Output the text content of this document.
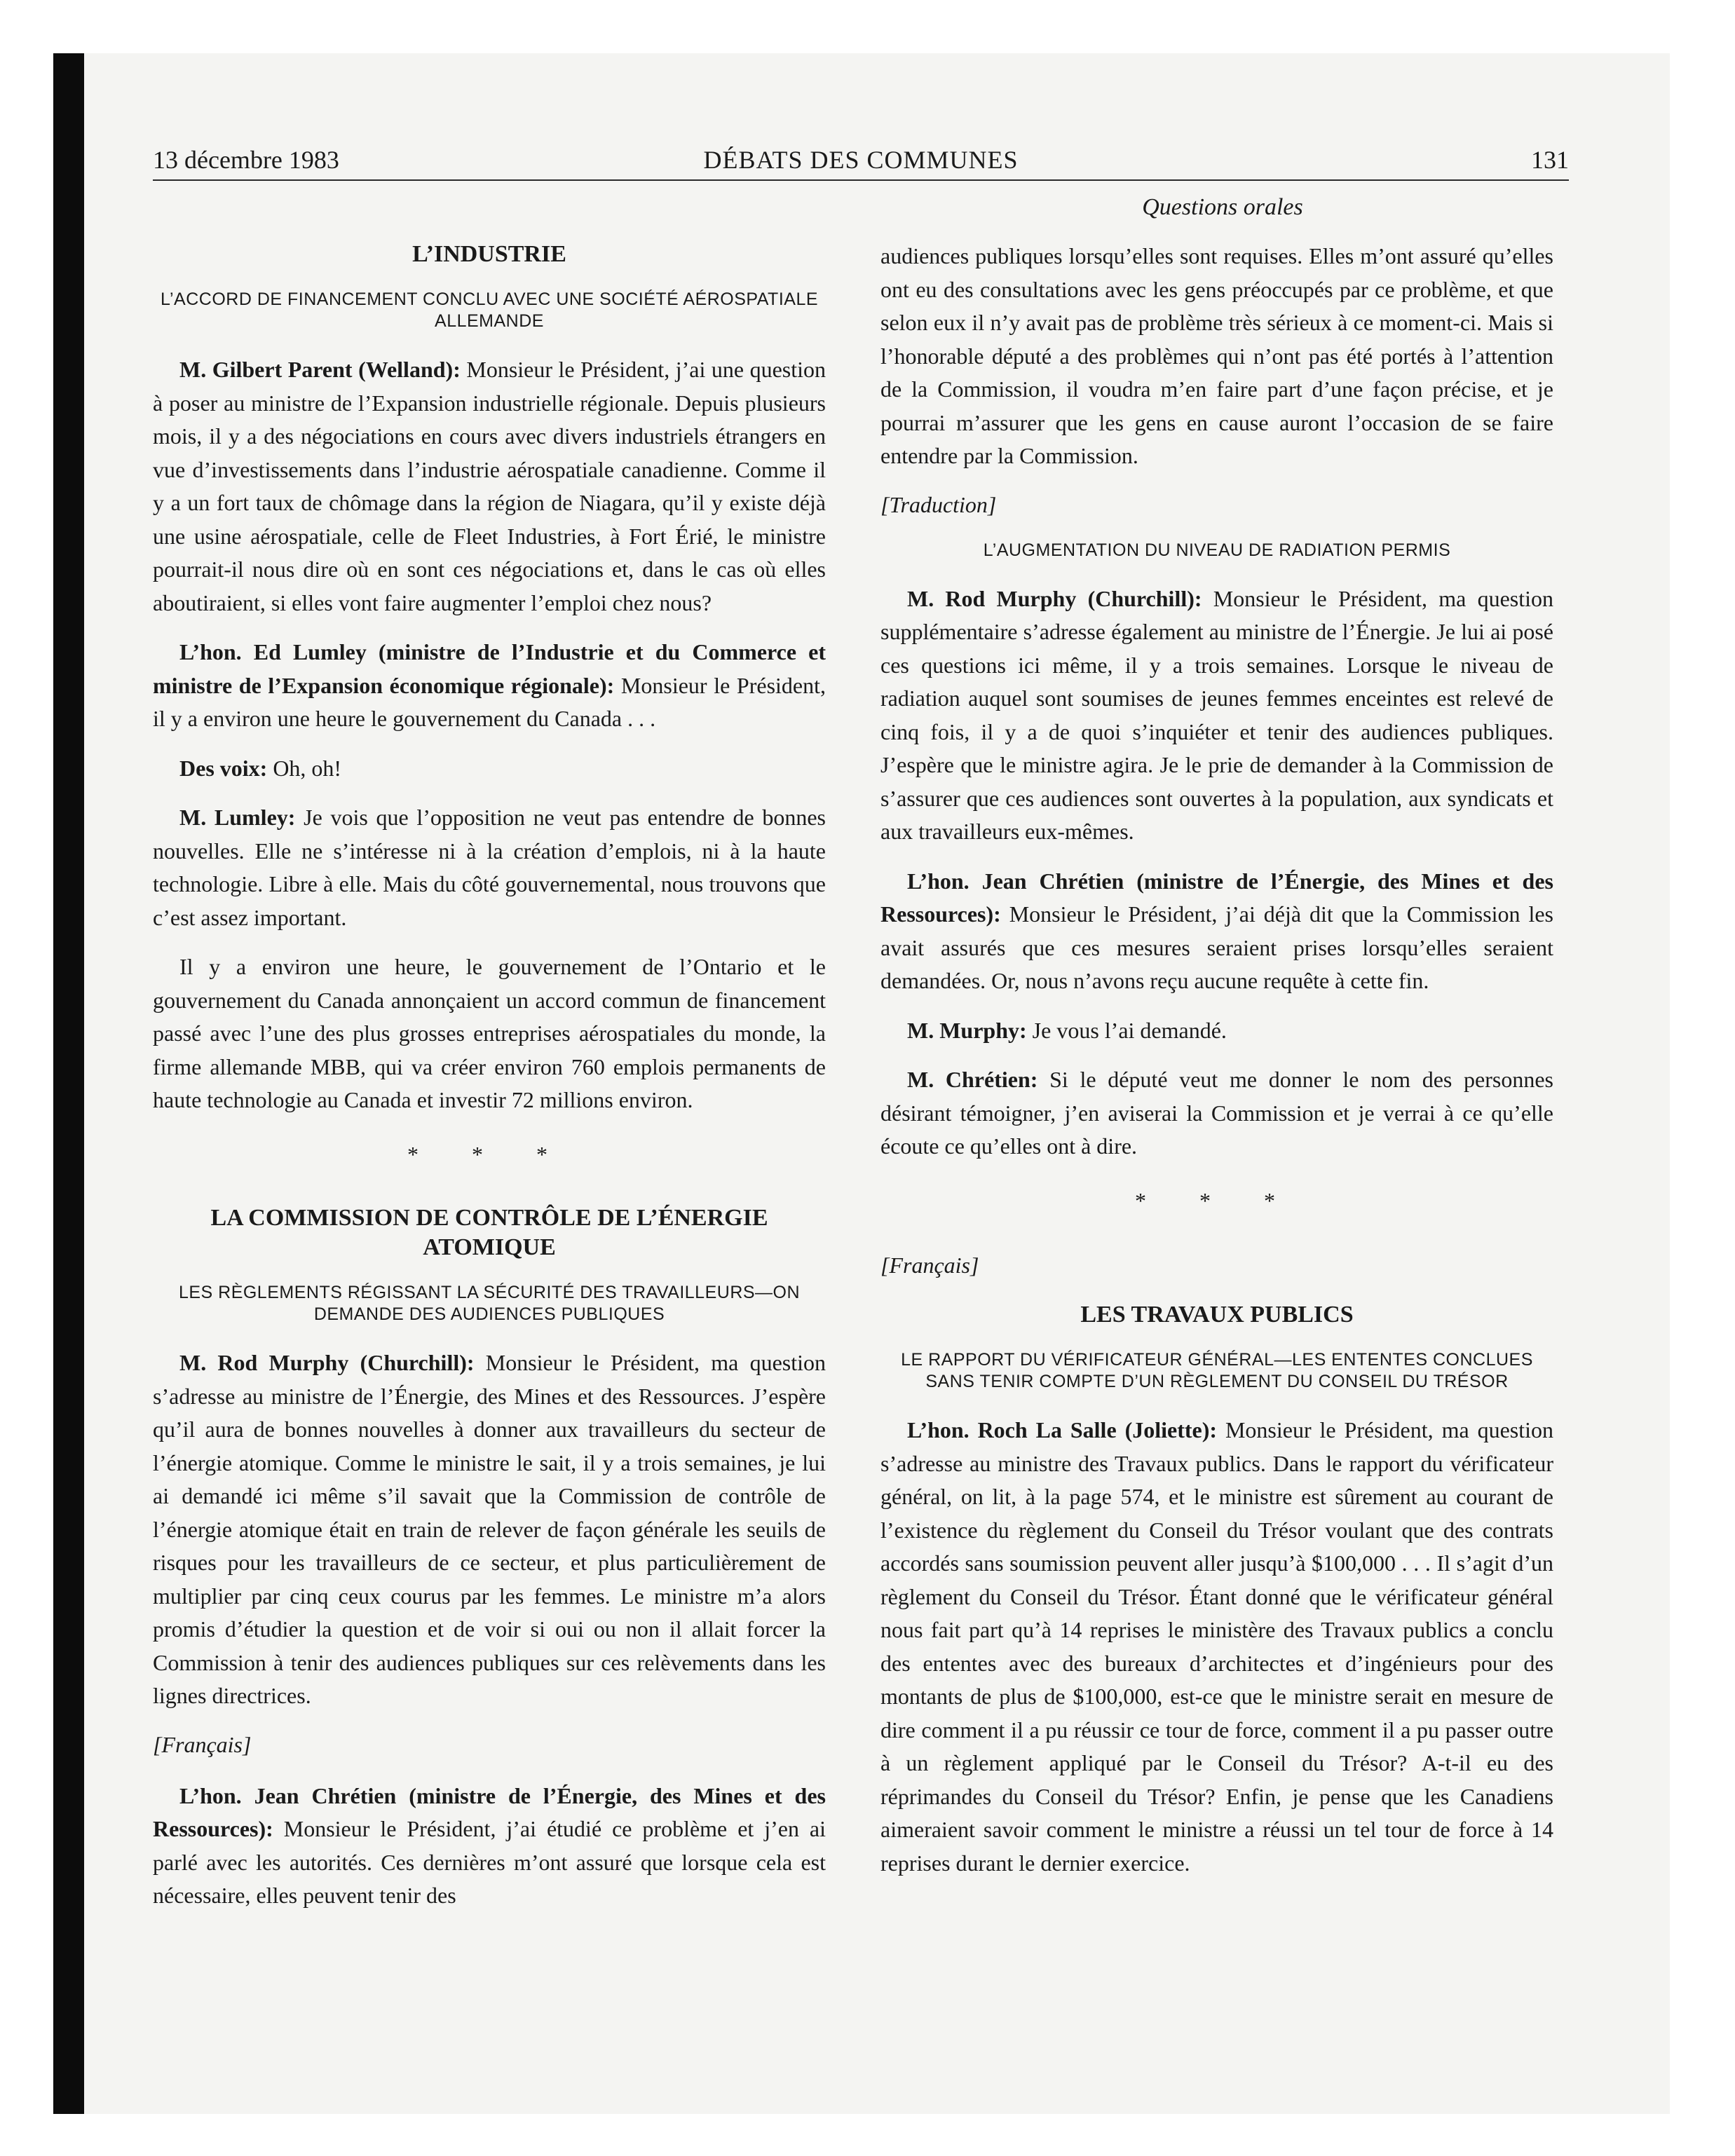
13 décembre 1983	DÉBATS DES COMMUNES	131
Questions orales
L’INDUSTRIE
L’ACCORD DE FINANCEMENT CONCLU AVEC UNE SOCIÉTÉ AÉROSPATIALE ALLEMANDE

M. Gilbert Parent (Welland): Monsieur le Président, j’ai une question à poser au ministre de l’Expansion industrielle régionale. Depuis plusieurs mois, il y a des négociations en cours avec divers industriels étrangers en vue d’investissements dans l’industrie aérospatiale canadienne. Comme il y a un fort taux de chômage dans la région de Niagara, qu’il y existe déjà une usine aérospatiale, celle de Fleet Industries, à Fort Érié, le ministre pourrait-il nous dire où en sont ces négociations et, dans le cas où elles aboutiraient, si elles vont faire augmenter l’emploi chez nous?

L’hon. Ed Lumley (ministre de l’Industrie et du Commerce et ministre de l’Expansion économique régionale): Monsieur le Président, il y a environ une heure le gouvernement du Canada . . .

Des voix: Oh, oh!

M. Lumley: Je vois que l’opposition ne veut pas entendre de bonnes nouvelles. Elle ne s’intéresse ni à la création d’emplois, ni à la haute technologie. Libre à elle. Mais du côté gouvernemental, nous trouvons que c’est assez important.

Il y a environ une heure, le gouvernement de l’Ontario et le gouvernement du Canada annonçaient un accord commun de financement passé avec l’une des plus grosses entreprises aérospatiales du monde, la firme allemande MBB, qui va créer environ 760 emplois permanents de haute technologie au Canada et investir 72 millions environ.

* * *
LA COMMISSION DE CONTRÔLE DE L’ÉNERGIE ATOMIQUE
LES RÈGLEMENTS RÉGISSANT LA SÉCURITÉ DES TRAVAILLEURS—ON DEMANDE DES AUDIENCES PUBLIQUES

M. Rod Murphy (Churchill): Monsieur le Président, ma question s’adresse au ministre de l’Énergie, des Mines et des Ressources. J’espère qu’il aura de bonnes nouvelles à donner aux travailleurs du secteur de l’énergie atomique. Comme le ministre le sait, il y a trois semaines, je lui ai demandé ici même s’il savait que la Commission de contrôle de l’énergie atomique était en train de relever de façon générale les seuils de risques pour les travailleurs de ce secteur, et plus particulièrement de multiplier par cinq ceux courus par les femmes. Le ministre m’a alors promis d’étudier la question et de voir si oui ou non il allait forcer la Commission à tenir des audiences publiques sur ces relèvements dans les lignes directrices.

[Français]

L’hon. Jean Chrétien (ministre de l’Énergie, des Mines et des Ressources): Monsieur le Président, j’ai étudié ce problème et j’en ai parlé avec les autorités. Ces dernières m’ont assuré que lorsque cela est nécessaire, elles peuvent tenir des

audiences publiques lorsqu’elles sont requises. Elles m’ont assuré qu’elles ont eu des consultations avec les gens préoccupés par ce problème, et que selon eux il n’y avait pas de problème très sérieux à ce moment-ci. Mais si l’honorable député a des problèmes qui n’ont pas été portés à l’attention de la Commission, il voudra m’en faire part d’une façon précise, et je pourrai m’assurer que les gens en cause auront l’occasion de se faire entendre par la Commission.

[Traduction]
L’AUGMENTATION DU NIVEAU DE RADIATION PERMIS

M. Rod Murphy (Churchill): Monsieur le Président, ma question supplémentaire s’adresse également au ministre de l’Énergie. Je lui ai posé ces questions ici même, il y a trois semaines. Lorsque le niveau de radiation auquel sont soumises de jeunes femmes enceintes est relevé de cinq fois, il y a de quoi s’inquiéter et tenir des audiences publiques. J’espère que le ministre agira. Je le prie de demander à la Commission de s’assurer que ces audiences sont ouvertes à la population, aux syndicats et aux travailleurs eux-mêmes.

L’hon. Jean Chrétien (ministre de l’Énergie, des Mines et des Ressources): Monsieur le Président, j’ai déjà dit que la Commission les avait assurés que ces mesures seraient prises lorsqu’elles seraient demandées. Or, nous n’avons reçu aucune requête à cette fin.

M. Murphy: Je vous l’ai demandé.

M. Chrétien: Si le député veut me donner le nom des personnes désirant témoigner, j’en aviserai la Commission et je verrai à ce qu’elle écoute ce qu’elles ont à dire.

* * *
[Français]
LES TRAVAUX PUBLICS
LE RAPPORT DU VÉRIFICATEUR GÉNÉRAL—LES ENTENTES CONCLUES SANS TENIR COMPTE D’UN RÈGLEMENT DU CONSEIL DU TRÉSOR

L’hon. Roch La Salle (Joliette): Monsieur le Président, ma question s’adresse au ministre des Travaux publics. Dans le rapport du vérificateur général, on lit, à la page 574, et le ministre est sûrement au courant de l’existence du règlement du Conseil du Trésor voulant que des contrats accordés sans soumission peuvent aller jusqu’à $100,000 . . . Il s’agit d’un règlement du Conseil du Trésor. Étant donné que le vérificateur général nous fait part qu’à 14 reprises le ministère des Travaux publics a conclu des ententes avec des bureaux d’architectes et d’ingénieurs pour des montants de plus de $100,000, est-ce que le ministre serait en mesure de dire comment il a pu réussir ce tour de force, comment il a pu passer outre à un règlement appliqué par le Conseil du Trésor? A-t-il eu des réprimandes du Conseil du Trésor? Enfin, je pense que les Canadiens aimeraient savoir comment le ministre a réussi un tel tour de force à 14 reprises durant le dernier exercice.
